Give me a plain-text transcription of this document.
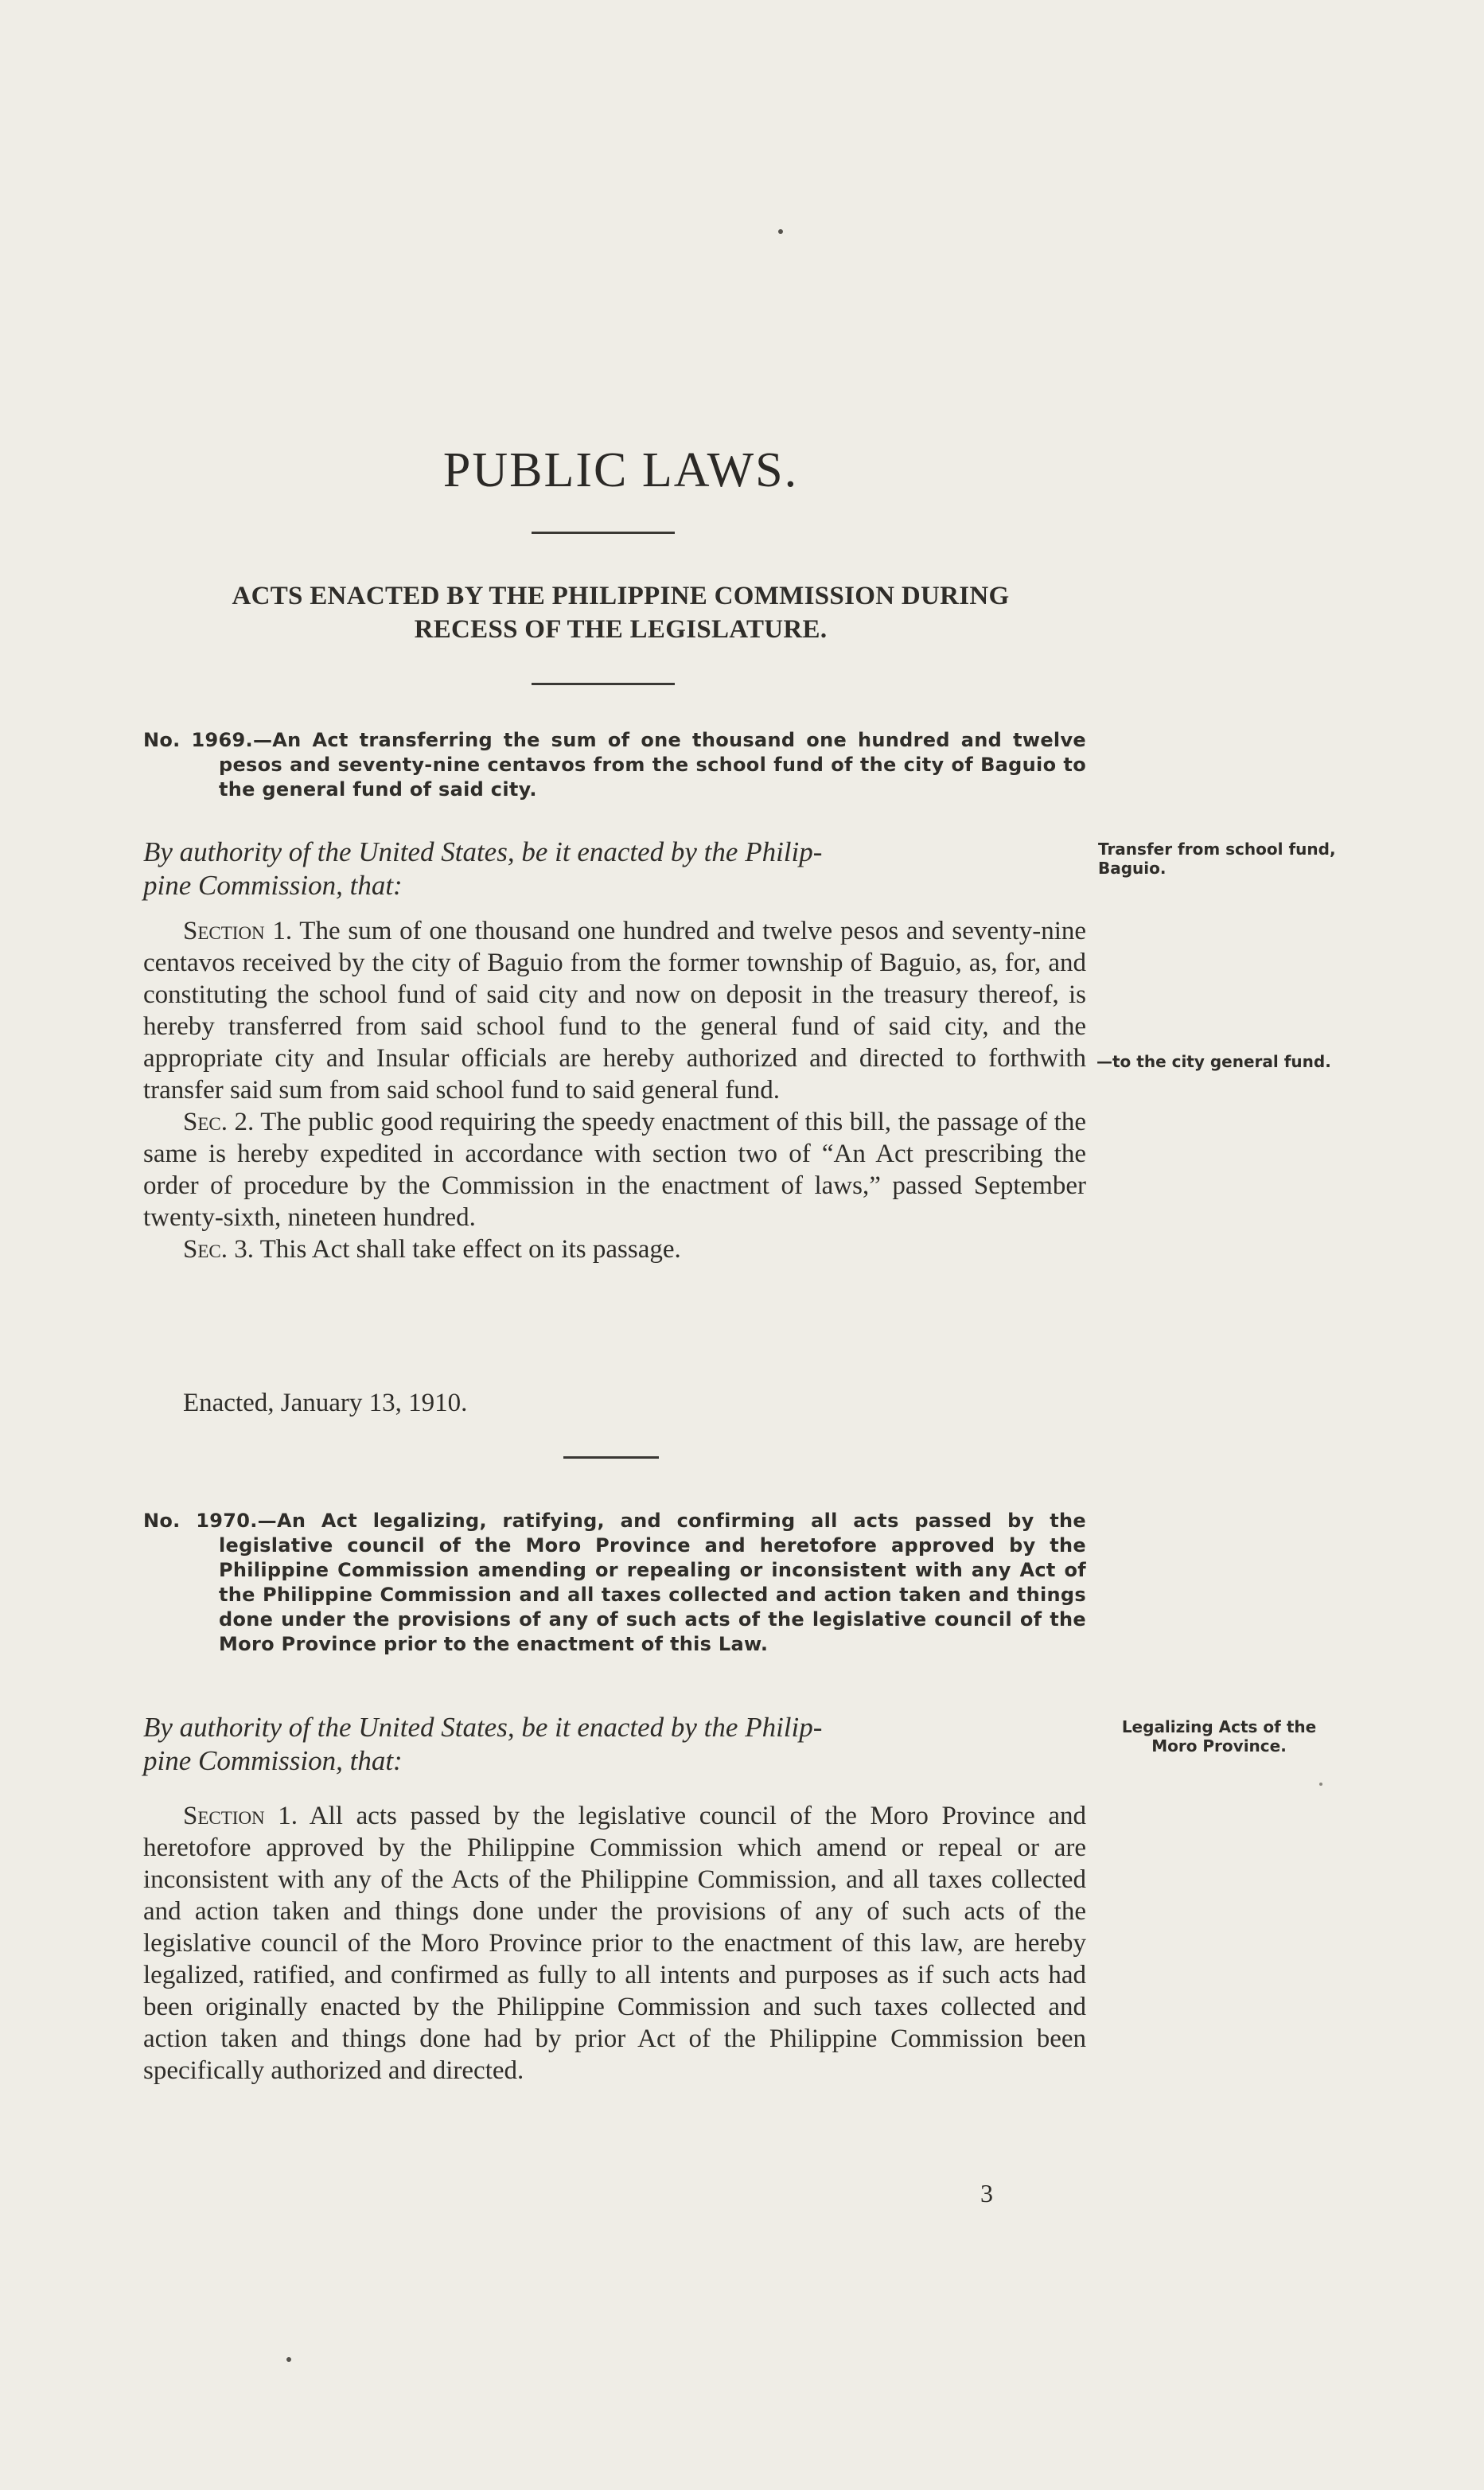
PUBLIC LAWS.
ACTS ENACTED BY THE PHILIPPINE COMMISSION DURING
RECESS OF THE LEGISLATURE.
No. 1969.—An Act transferring the sum of one thousand one hundred and twelve pesos and seventy-nine centavos from the school fund of the city of Baguio to the general fund of said city.
By authority of the United States, be it enacted by the Philip-
pine Commission, that:
Transfer from school fund, Baguio.
—to the city general fund.

Section 1. The sum of one thousand one hundred and twelve pesos and seventy-nine centavos received by the city of Baguio from the former township of Baguio, as, for, and constituting the school fund of said city and now on deposit in the treasury thereof, is hereby transferred from said school fund to the general fund of said city, and the appropriate city and Insular officials are hereby authorized and directed to forthwith transfer said sum from said school fund to said general fund.

Sec. 2. The public good requiring the speedy enactment of this bill, the passage of the same is hereby expedited in accordance with section two of “An Act prescribing the order of procedure by the Commission in the enactment of laws,” passed September twenty-sixth, nineteen hundred.

Sec. 3. This Act shall take effect on its passage.

Enacted, January 13, 1910.
No. 1970.—An Act legalizing, ratifying, and confirming all acts passed by the legislative council of the Moro Province and heretofore approved by the Philippine Commission amending or repealing or inconsistent with any Act of the Philippine Commission and all taxes collected and action taken and things done under the provisions of any of such acts of the legislative council of the Moro Province prior to the enactment of this Law.
By authority of the United States, be it enacted by the Philip-
pine Commission, that:
Legalizing Acts of the Moro Province.

Section 1. All acts passed by the legislative council of the Moro Province and heretofore approved by the Philippine Commission which amend or repeal or are inconsistent with any of the Acts of the Philippine Commission, and all taxes collected and action taken and things done under the provisions of any of such acts of the legislative council of the Moro Province prior to the enactment of this law, are hereby legalized, ratified, and confirmed as fully to all intents and purposes as if such acts had been originally enacted by the Philippine Commission and such taxes collected and action taken and things done had by prior Act of the Philippine Commission been specifically authorized and directed.

3
